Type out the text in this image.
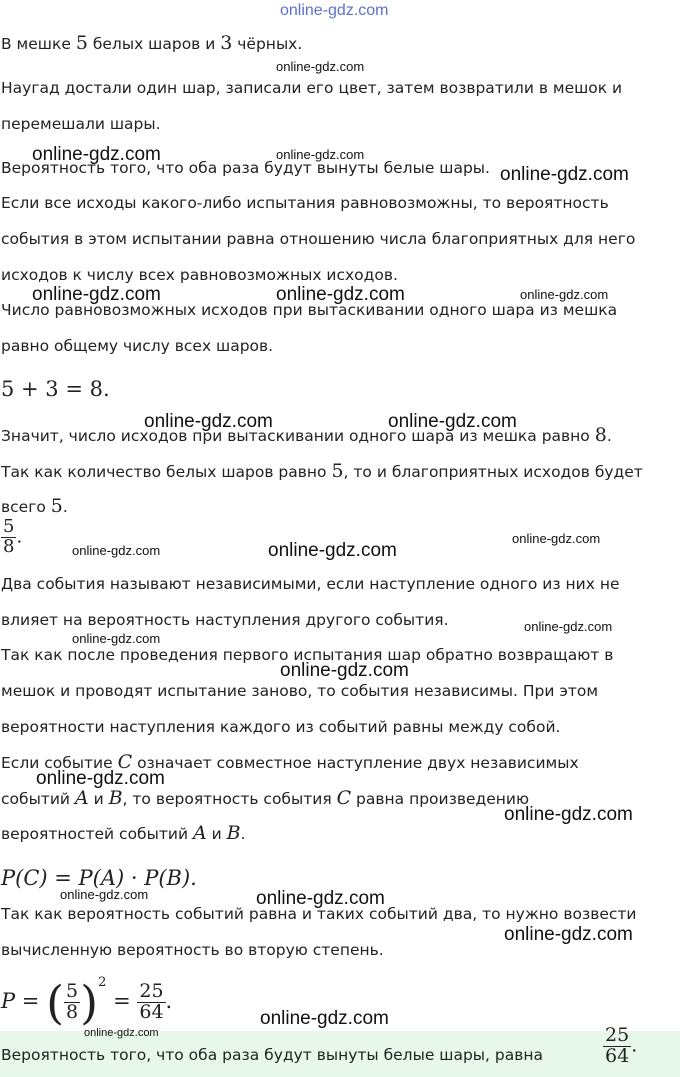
online-gdz.com

В мешке 5 белых шаров и 3 чёрных.

Наугад достали один шар, записали его цвет, затем возвратили в мешок и

перемешали шары.

Вероятность того, что оба раза будут вынуты белые шары.

Если все исходы какого-либо испытания равновозможны, то вероятность

события в этом испытании равна отношению числа благоприятных для него

исходов к числу всех равновозможных исходов.

Число равновозможных исходов при вытаскивании одного шара из мешка

равно общему числу всех шаров.

5 + 3 = 8.

Значит, число исходов при вытаскивании одного шара из мешка равно 8.

Так как количество белых шаров равно 5, то и благоприятных исходов будет

всего 5.

$\frac{5}{8}$ .

Два события называют независимыми, если наступление одного из них не

влияет на вероятность наступления другого события.

Так как после проведения первого испытания шар обратно возвращают в

мешок и проводят испытание заново, то события независимы. При этом

вероятности наступления каждого из событий равны между собой.

Если событие C означает совместное наступление двух независимых

событий A и B, то вероятность события C равна произведению

вероятностей событий A и B.

P(C) = P(A) · P(B).

Так как вероятность событий равна и таких событий два, то нужно возвести

вычисленную вероятность во вторую степень.

P = ( $\frac{5}{8} )^2 = \frac{25}{64}$ .

Вероятность того, что оба раза будут вынуты белые шары, равна	$\frac{25}{64}$ .
online-gdz.com
online-gdz.com	online-gdz.com
online-gdz.com
online-gdz.com	online-gdz.com	online-gdz.com
online-gdz.com	online-gdz.com
online-gdz.com
online-gdz.com	online-gdz.com
online-gdz.com
online-gdz.com
online-gdz.com
online-gdz.com
online-gdz.com
online-gdz.com	online-gdz.com
online-gdz.com
online-gdz.com
online-gdz.com
